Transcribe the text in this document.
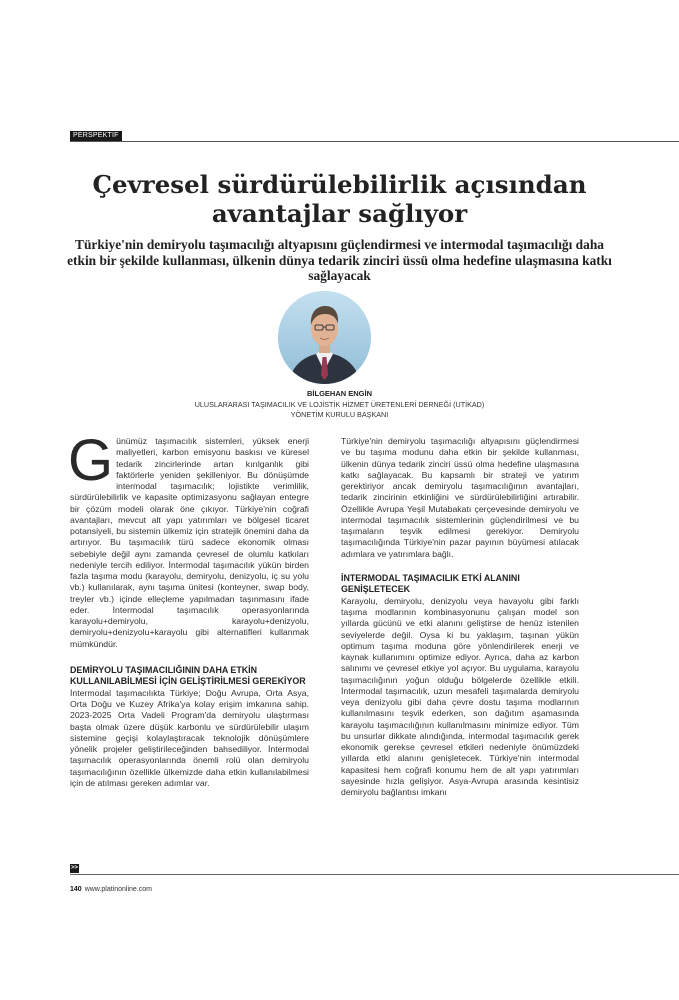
PERSPEKTİF
Çevresel sürdürülebilirlik açısından avantajlar sağlıyor
Türkiye'nin demiryolu taşımacılığı altyapısını güçlendirmesi ve intermodal taşımacılığı daha etkin bir şekilde kullanması, ülkenin dünya tedarik zinciri üssü olma hedefine ulaşmasına katkı sağlayacak
BİLGEHAN ENGİN
ULUSLARARASI TAŞIMACILIK VE LOJİSTİK HİZMET ÜRETENLERİ DERNEĞİ (UTİKAD)
YÖNETİM KURULU BAŞKANI

Günümüz taşımacılık sistemleri, yüksek enerji maliyetleri, karbon emisyonu baskısı ve küresel tedarik zincirlerinde artan kırılganlık gibi faktörlerle yeniden şekilleniyor. Bu dönüşümde intermodal taşımacılık; lojistikte verimlilik, sürdürülebilirlik ve kapasite optimizasyonu sağlayan entegre bir çözüm modeli olarak öne çıkıyor. Türkiye'nin coğrafi avantajları, mevcut alt yapı yatırımları ve bölgesel ticaret potansiyeli, bu sistemin ülkemiz için stratejik önemini daha da artırıyor. Bu taşımacılık türü sadece ekonomik olması sebebiyle değil aynı zamanda çevresel de olumlu katkıları nedeniyle tercih ediliyor. İntermodal taşımacılık yükün birden fazla taşıma modu (karayolu, demiryolu, denizyolu, iç su yolu vb.) kullanılarak, aynı taşıma ünitesi (konteyner, swap body, treyler vb.) içinde elleçleme yapılmadan taşınmasını ifade eder. İntermodal taşımacılık operasyonlarında karayolu+demiryolu, karayolu+denizyolu, demiryolu+denizyolu+karayolu gibi alternatifleri kullanmak mümkündür.

DEMİRYOLU TAŞIMACILIĞININ DAHA ETKİN KULLANILABİLMESİ İÇİN GELİŞTİRİLMESİ GEREKİYOR

İntermodal taşımacılıkta Türkiye; Doğu Avrupa, Orta Asya, Orta Doğu ve Kuzey Afrika'ya kolay erişim imkanına sahip. 2023-2025 Orta Vadeli Program'da demiryolu ulaştırması başta olmak üzere düşük karbonlu ve sürdürülebilir ulaşım sistemine geçişi kolaylaştıracak teknolojik dönüşümlere yönelik projeler geliştirileceğinden bahsediliyor. İntermodal taşımacılık operasyonlarında önemli rolü olan demiryolu taşımacılığının özellikle ülkemizde daha etkin kullanılabilmesi için de atılması gereken adımlar var.

Türkiye'nin demiryolu taşımacılığı altyapısını güçlendirmesi ve bu taşıma modunu daha etkin bir şekilde kullanması, ülkenin dünya tedarik zinciri üssü olma hedefine ulaşmasına katkı sağlayacak. Bu kapsamlı bir strateji ve yatırım gerektiriyor ancak demiryolu taşımacılığının avantajları, tedarik zincirinin etkinliğini ve sürdürülebilirliğini artırabilir. Özellikle Avrupa Yeşil Mutabakatı çerçevesinde demiryolu ve intermodal taşımacılık sistemlerinin güçlendirilmesi ve bu taşımaların teşvik edilmesi gerekiyor. Demiryolu taşımacılığında Türkiye'nin pazar payının büyümesi atılacak adımlara ve yatırımlara bağlı.

İNTERMODAL TAŞIMACILIK ETKİ ALANINI GENİŞLETECEK

Karayolu, demiryolu, denizyolu veya havayolu gibi farklı taşıma modlarının kombinasyonunu çalışan model son yıllarda gücünü ve etki alanını geliştirse de henüz istenilen seviyelerde değil. Oysa ki bu yaklaşım, taşınan yükün optimum taşıma moduna göre yönlendirilerek enerji ve kaynak kullanımını optimize ediyor. Ayrıca, daha az karbon salınımı ve çevresel etkiye yol açıyor. Bu uygulama, karayolu taşımacılığının yoğun olduğu bölgelerde özellikle etkili. İntermodal taşımacılık, uzun mesafeli taşımalarda demiryolu veya denizyolu gibi daha çevre dostu taşıma modlarının kullanılmasını teşvik ederken, son dağıtım aşamasında karayolu taşımacılığının kullanılmasını minimize ediyor. Tüm bu unsurlar dikkate alındığında, intermodal taşımacılık gerek ekonomik gerekse çevresel etkileri nedeniyle önümüzdeki yıllarda etki alanını genişletecek. Türkiye'nin intermodal kapasitesi hem coğrafi konumu hem de alt yapı yatırımları sayesinde hızla gelişiyor. Asya-Avrupa arasında kesintisiz demiryolu bağlantısı imkanı

>>
140 www.platinonline.com
